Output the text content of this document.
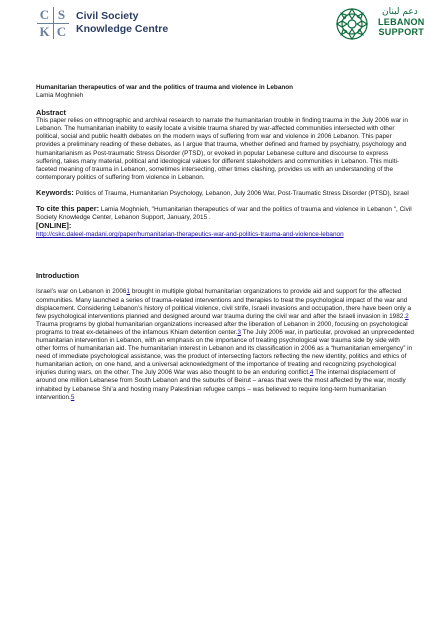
C S
K C
Civil Society
Knowledge Centre
دعم لبنان
LEBANON
SUPPORT

Humanitarian therapeutics of war and the politics of trauma and violence in Lebanon

Lamia Moghnieh

Abstract

This paper relies on ethnographic and archival research to narrate the humanitarian trouble in finding trauma in the July 2006 war in Lebanon. The humanitarian inability to easily locate a visible trauma shared by war-affected communities intersected with other political, social and public health debates on the modern ways of suffering from war and violence in 2006 Lebanon. This paper provides a preliminary reading of these debates, as I argue that trauma, whether defined and framed by psychiatry, psychology and humanitarianism as Post-traumatic Stress Disorder (PTSD), or evoked in popular Lebanese culture and discourse to express suffering, takes many material, political and ideological values for different stakeholders and communities in Lebanon. This multi-faceted meaning of trauma in Lebanon, sometimes intersecting, other times clashing, provides us with an understanding of the contemporary politics of suffering from violence in Lebanon.

Keywords: Politics of Trauma, Humanitarian Psychology, Lebanon, July 2006 War, Post-Traumatic Stress Disorder (PTSD), Israel

To cite this paper: Lamia Moghnieh, "Humanitarian therapeutics of war and the politics of trauma and violence in Lebanon ", Civil Society Knowledge Center, Lebanon Support, January, 2015 .

[ONLINE]:

http://cskc.daleel-madani.org/paper/humanitarian-therapeutics-war-and-politics-trauma-and-violence-lebanon

Introduction

Israel’s war on Lebanon in 20061 brought in multiple global humanitarian organizations to provide aid and support for the affected communities. Many launched a series of trauma-related interventions and therapies to treat the psychological impact of the war and displacement. Considering Lebanon’s history of political violence, civil strife, Israeli invasions and occupation, there have been only a few psychological interventions planned and designed around war trauma during the civil war and after the Israeli invasion in 1982.2 Trauma programs by global humanitarian organizations increased after the liberation of Lebanon in 2000, focusing on psychological programs to treat ex-detainees of the infamous Khiam detention center.3 The July 2006 war, in particular, provoked an unprecedented humanitarian intervention in Lebanon, with an emphasis on the importance of treating psychological war trauma side by side with other forms of humanitarian aid. The humanitarian interest in Lebanon and its classification in 2006 as a “humanitarian emergency” in need of immediate psychological assistance, was the product of intersecting factors reflecting the new identity, politics and ethics of humanitarian action, on one hand, and a universal acknowledgment of the importance of treating and recognizing psychological injuries during wars, on the other. The July 2006 War was also thought to be an enduring conflict.4 The internal displacement of around one million Lebanese from South Lebanon and the suburbs of Beirut – areas that were the most affected by the war, mostly inhabited by Lebanese Shi’a and hosting many Palestinian refugee camps – was believed to require long-term humanitarian intervention.5
